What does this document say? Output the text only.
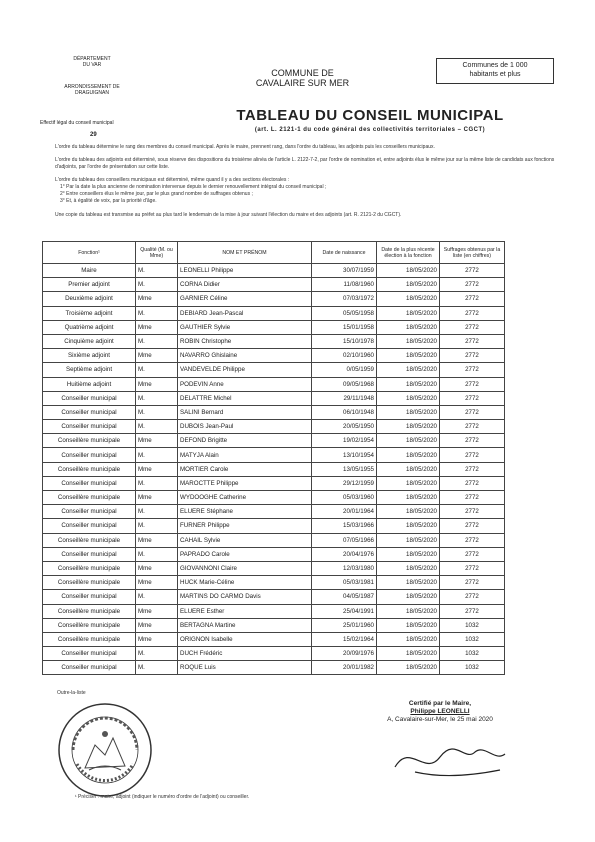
DÉPARTEMENT
DU VAR
ARRONDISSEMENT DE
DRAGUIGNAN
Effectif légal du conseil municipal
29
COMMUNE DE
CAVALAIRE SUR MER
Communes de 1 000
habitants et plus
TABLEAU DU CONSEIL MUNICIPAL
(art. L. 2121-1 du code général des collectivités territoriales – CGCT)
L'ordre du tableau détermine le rang des membres du conseil municipal. Après le maire, prennent rang, dans l'ordre du tableau, les adjoints puis les conseillers municipaux.
L'ordre du tableau des adjoints est déterminé, sous réserve des dispositions du troisième alinéa de l'article L. 2122-7-2, par l'ordre de nomination et, entre adjoints élus le même jour sur la même liste de candidats aux fonctions d'adjoints, par l'ordre de présentation sur cette liste.
L'ordre du tableau des conseillers municipaux est déterminé, même quand il y a des sections électorales :
1° Par la date la plus ancienne de nomination intervenue depuis le dernier renouvellement intégral du conseil municipal ;
2° Entre conseillers élus le même jour, par le plus grand nombre de suffrages obtenus ;
3° Et, à égalité de voix, par la priorité d'âge.
Une copie du tableau est transmise au préfet au plus tard le lendemain de la mise à jour suivant l'élection du maire et des adjoints (art. R. 2121-2 du CGCT).
Fonction¹	Qualité (M. ou Mme)	NOM ET PRÉNOM	Date de naissance	Date de la plus récente élection à la fonction	Suffrages obtenus par la liste (en chiffres)
Maire	M.	LEONELLI Philippe	30/07/1959	18/05/2020	2772
Premier adjoint	M.	CORNA Didier	11/08/1960	18/05/2020	2772
Deuxième adjoint	Mme	GARNIER Céline	07/03/1972	18/05/2020	2772
Troisième adjoint	M.	DEBIARD Jean-Pascal	05/05/1958	18/05/2020	2772
Quatrième adjoint	Mme	GAUTHIER Sylvie	15/01/1958	18/05/2020	2772
Cinquième adjoint	M.	ROBIN Christophe	15/10/1978	18/05/2020	2772
Sixième adjoint	Mme	NAVARRO Ghislaine	02/10/1960	18/05/2020	2772
Septième adjoint	M.	VANDEVELDE Philippe	0/05/1959	18/05/2020	2772
Huitième adjoint	Mme	PODEVIN Anne	09/05/1968	18/05/2020	2772
Conseiller municipal	M.	DELATTRE Michel	29/11/1948	18/05/2020	2772
Conseiller municipal	M.	SALINI Bernard	06/10/1948	18/05/2020	2772
Conseiller municipal	M.	DUBOIS Jean-Paul	20/05/1950	18/05/2020	2772
Conseillère municipale	Mme	DEFOND Brigitte	19/02/1954	18/05/2020	2772
Conseiller municipal	M.	MATYJA Alain	13/10/1954	18/05/2020	2772
Conseillère municipale	Mme	MORTIER Carole	13/05/1955	18/05/2020	2772
Conseiller municipal	M.	MAROCTTE Philippe	29/12/1959	18/05/2020	2772
Conseillère municipale	Mme	WYDOOGHE Catherine	05/03/1960	18/05/2020	2772
Conseiller municipal	M.	ELUERE Stéphane	20/01/1964	18/05/2020	2772
Conseiller municipal	M.	FURNER Philippe	15/03/1966	18/05/2020	2772
Conseillère municipale	Mme	CAHAIL Sylvie	07/05/1966	18/05/2020	2772
Conseiller municipal	M.	PAPRADO Carole	20/04/1976	18/05/2020	2772
Conseillère municipale	Mme	GIOVANNONI Claire	12/03/1980	18/05/2020	2772
Conseillère municipale	Mme	HUCK Marie-Céline	05/03/1981	18/05/2020	2772
Conseiller municipal	M.	MARTINS DO CARMO Davis	04/05/1987	18/05/2020	2772
Conseillère municipale	Mme	ELUERE Esther	25/04/1991	18/05/2020	2772
Conseillère municipale	Mme	BERTAGNA Martine	25/01/1960	18/05/2020	1032
Conseillère municipale	Mme	ORIGNON Isabelle	15/02/1964	18/05/2020	1032
Conseiller municipal	M.	DUCH Frédéric	20/09/1976	18/05/2020	1032
Conseiller municipal	M.	ROQUE Luis	20/01/1982	18/05/2020	1032
Outre-la-liste
Certifié par le Maire,
Philippe LEONELLI
A, Cavalaire-sur-Mer, le 25 mai 2020
¹ Préciser : maire, adjoint (indiquer le numéro d'ordre de l'adjoint) ou conseiller.
